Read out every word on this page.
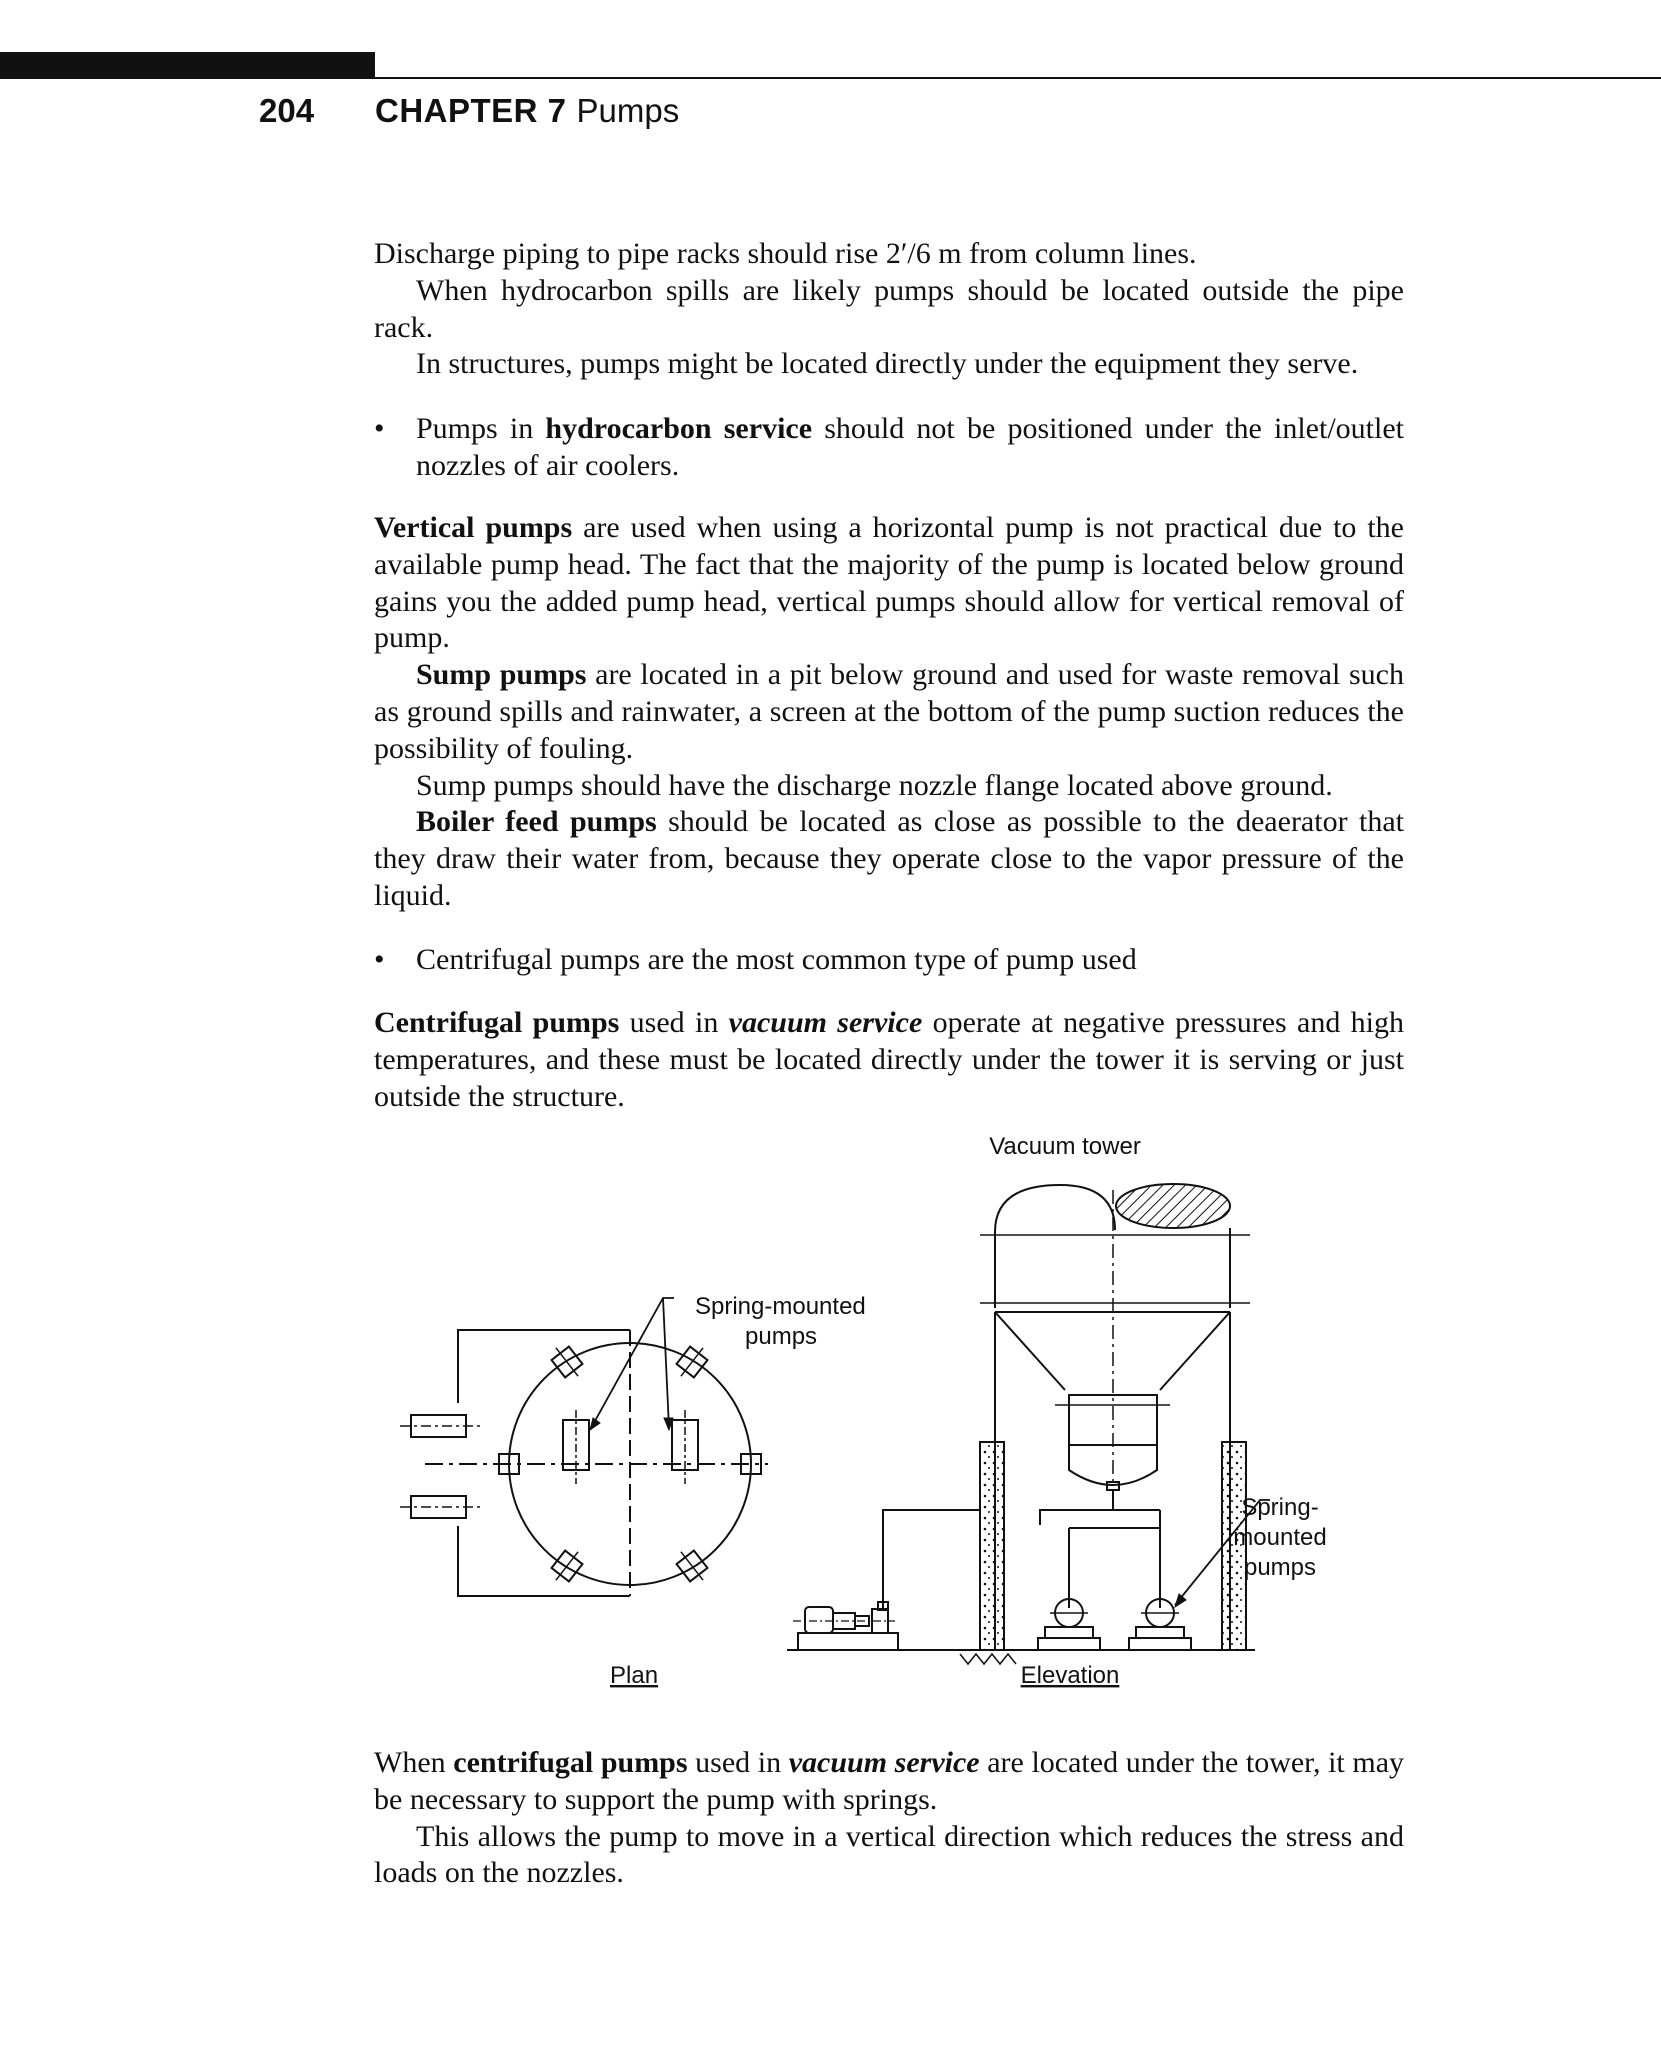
204 CHAPTER 7 Pumps

Discharge piping to pipe racks should rise 2′/6 m from column lines.

When hydrocarbon spills are likely pumps should be located outside the pipe rack.

In structures, pumps might be located directly under the equipment they serve.

• Pumps in hydrocarbon service should not be positioned under the inlet/outlet nozzles of air coolers.

Vertical pumps are used when using a horizontal pump is not practical due to the available pump head. The fact that the majority of the pump is located below ground gains you the added pump head, vertical pumps should allow for vertical removal of pump.

Sump pumps are located in a pit below ground and used for waste removal such as ground spills and rainwater, a screen at the bottom of the pump suction reduces the possibility of fouling.

Sump pumps should have the discharge nozzle flange located above ground.

Boiler feed pumps should be located as close as possible to the deaerator that they draw their water from, because they operate close to the vapor pressure of the liquid.

• Centrifugal pumps are the most common type of pump used

Centrifugal pumps used in vacuum service operate at negative pressures and high temperatures, and these must be located directly under the tower it is serving or just outside the structure.

Spring-mounted
pumps
Plan
Vacuum tower
Spring-
mounted
pumps
Elevation

When centrifugal pumps used in vacuum service are located under the tower, it may be necessary to support the pump with springs.

This allows the pump to move in a vertical direction which reduces the stress and loads on the nozzles.
